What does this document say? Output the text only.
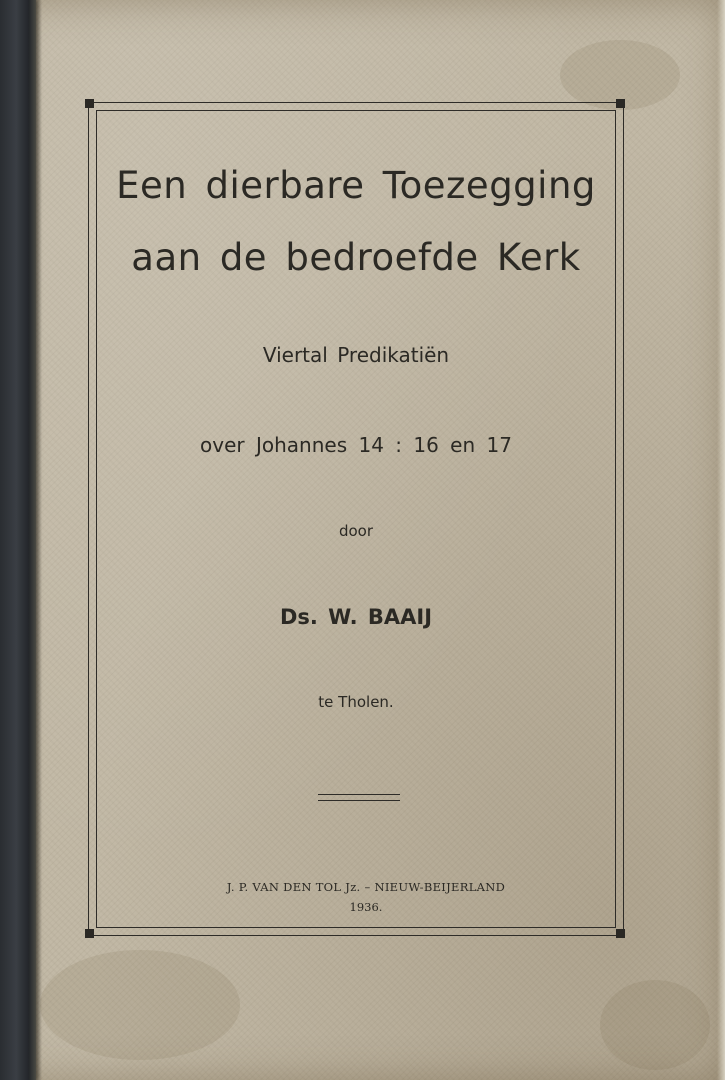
Een dierbare Toezegging
aan de bedroefde Kerk
Viertal Predikatiën
over Johannes 14 : 16 en 17
door
Ds. W. BAAIJ
te Tholen.
J. P. VAN DEN TOL Jz. – NIEUW-BEIJERLAND
1936.
